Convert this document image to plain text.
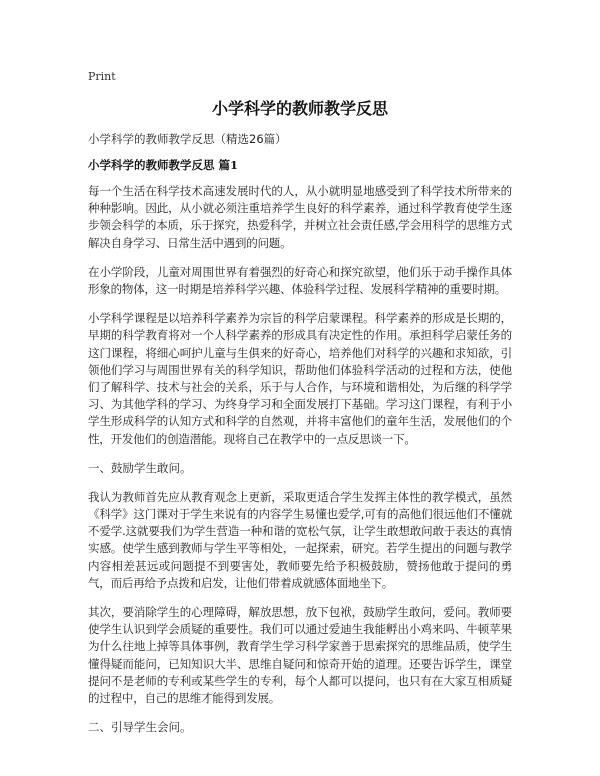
Print
小学科学的教师教学反思

小学科学的教师教学反思（精选26篇）

小学科学的教师教学反思 篇1

每一个生活在科学技术高速发展时代的人，从小就明显地感受到了科学技术所带来的种种影响。因此，从小就必须注重培养学生良好的科学素养，通过科学教育使学生逐步领会科学的本质，乐于探究，热爱科学，并树立社会责任感,学会用科学的思维方式解决自身学习、日常生活中遇到的问题。

在小学阶段，儿童对周围世界有着强烈的好奇心和探究欲望，他们乐于动手操作具体形象的物体，这一时期是培养科学兴趣、体验科学过程、发展科学精神的重要时期。

小学科学课程是以培养科学素养为宗旨的科学启蒙课程。科学素养的形成是长期的，早期的科学教育将对一个人科学素养的形成具有决定性的作用。承担科学启蒙任务的这门课程，将细心呵护儿童与生俱来的好奇心，培养他们对科学的兴趣和求知欲，引领他们学习与周围世界有关的科学知识，帮助他们体验科学活动的过程和方法，使他们了解科学、技术与社会的关系，乐于与人合作，与环境和谐相处，为后继的科学学习、为其他学科的学习、为终身学习和全面发展打下基础。学习这门课程，有利于小学生形成科学的认知方式和科学的自然观，并将丰富他们的童年生活，发展他们的个性，开发他们的创造潜能。现将自己在教学中的一点反思谈一下。

一、鼓励学生敢问。

我认为教师首先应从教育观念上更新，采取更适合学生发挥主体性的教学模式，虽然《科学》这门课对于学生来说有的内容学生易懂也爱学,可有的高他们很远他们不懂就不爱学.这就要我们为学生营造一种和谐的宽松气氛，让学生敢想敢问敢于表达的真情实感。使学生感到教师与学生平等相处，一起探索，研究。若学生提出的问题与教学内容相差甚远或问题提不到要害处，教师要先给予积极鼓励，赞扬他敢于提问的勇气，而后再给予点拨和启发，让他们带着成就感体面地坐下。

其次，要消除学生的心理障碍，解放思想，放下包袱，鼓励学生敢问，爱问。教师要使学生认识到学会质疑的重要性。我们可以通过爱迪生我能孵出小鸡来吗、牛顿苹果为什么往地上掉等具体事例，教育学生学习科学家善于思索探究的思维品质，使学生懂得疑而能问，已知知识大半、思维自疑问和惊奇开始的道理。还要告诉学生，课堂提问不是老师的专利或某些学生的专利，每个人都可以提问，也只有在大家互相质疑的过程中，自己的思维才能得到发展。

二、引导学生会问。
